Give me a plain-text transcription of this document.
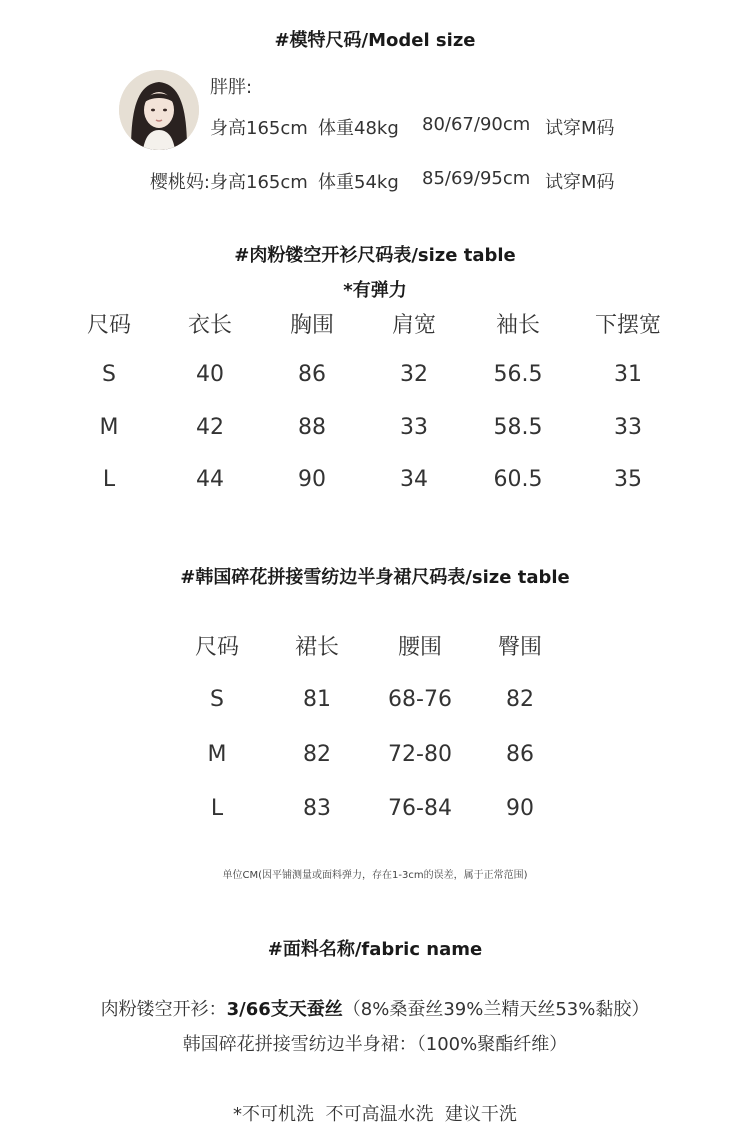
#模特尺码/Model size
胖胖:
身高165cm 体重48kg 80/67/90cm 试穿M码
樱桃妈: 身高165cm 体重54kg 85/69/95cm 试穿M码
#肉粉镂空开衫尺码表/size table
*有弹力
尺码	衣长	胸围	肩宽	袖长	下摆宽
S	40	86	32	56.5	31
M	42	88	33	58.5	33
L	44	90	34	60.5	35
#韩国碎花拼接雪纺边半身裙尺码表/size table
尺码	裙长	腰围	臀围
S	81	68-76	82
M	82	72-80	86
L	83	76-84	90
单位CM(因平铺测量或面料弹力，存在1-3cm的误差，属于正常范围)
#面料名称/fabric name
肉粉镂空开衫：3/66支天蚕丝（8%桑蚕丝39%兰精天丝53%黏胶）
韩国碎花拼接雪纺边半身裙：（100%聚酯纤维）
*不可机洗  不可高温水洗  建议干洗
